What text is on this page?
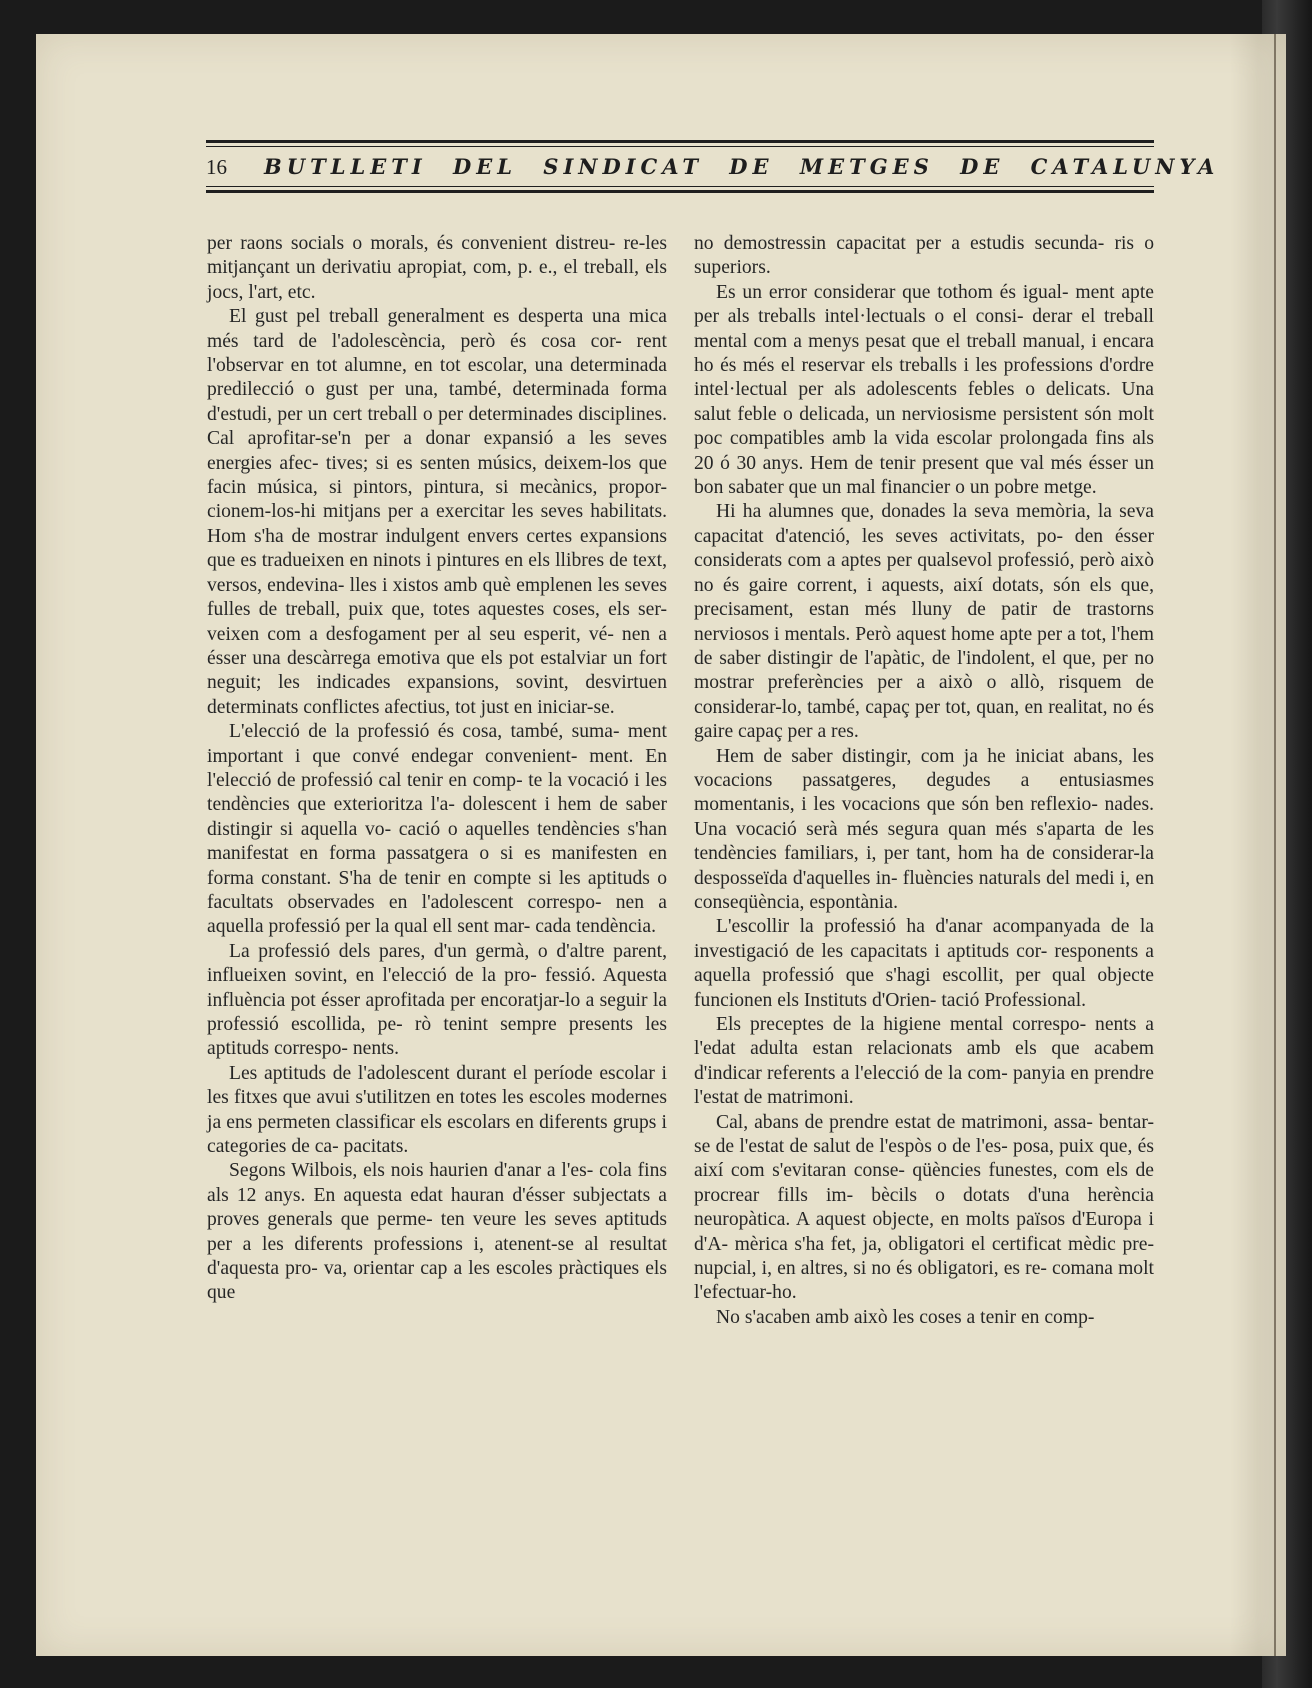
16 BUTLLETI DEL SINDICAT DE METGES DE CATALUNYA

per raons socials o morals, és convenient distreu- re-les mitjançant un derivatiu apropiat, com, p. e., el treball, els jocs, l'art, etc.

El gust pel treball generalment es desperta una mica més tard de l'adolescència, però és cosa cor- rent l'observar en tot alumne, en tot escolar, una determinada predilecció o gust per una, també, determinada forma d'estudi, per un cert treball o per determinades disciplines. Cal aprofitar-se'n per a donar expansió a les seves energies afec- tives; si es senten músics, deixem-los que facin música, si pintors, pintura, si mecànics, propor- cionem-los-hi mitjans per a exercitar les seves habilitats. Hom s'ha de mostrar indulgent envers certes expansions que es tradueixen en ninots i pintures en els llibres de text, versos, endevina- lles i xistos amb què emplenen les seves fulles de treball, puix que, totes aquestes coses, els ser- veixen com a desfogament per al seu esperit, vé- nen a ésser una descàrrega emotiva que els pot estalviar un fort neguit; les indicades expansions, sovint, desvirtuen determinats conflictes afectius, tot just en iniciar-se.

L'elecció de la professió és cosa, també, suma- ment important i que convé endegar convenient- ment. En l'elecció de professió cal tenir en comp- te la vocació i les tendències que exterioritza l'a- dolescent i hem de saber distingir si aquella vo- cació o aquelles tendències s'han manifestat en forma passatgera o si es manifesten en forma constant. S'ha de tenir en compte si les aptituds o facultats observades en l'adolescent correspo- nen a aquella professió per la qual ell sent mar- cada tendència.

La professió dels pares, d'un germà, o d'altre parent, influeixen sovint, en l'elecció de la pro- fessió. Aquesta influència pot ésser aprofitada per encoratjar-lo a seguir la professió escollida, pe- rò tenint sempre presents les aptituds correspo- nents.

Les aptituds de l'adolescent durant el període escolar i les fitxes que avui s'utilitzen en totes les escoles modernes ja ens permeten classificar els escolars en diferents grups i categories de ca- pacitats.

Segons Wilbois, els nois haurien d'anar a l'es- cola fins als 12 anys. En aquesta edat hauran d'ésser subjectats a proves generals que perme- ten veure les seves aptituds per a les diferents professions i, atenent-se al resultat d'aquesta pro- va, orientar cap a les escoles pràctiques els que

no demostressin capacitat per a estudis secunda- ris o superiors.

Es un error considerar que tothom és igual- ment apte per als treballs intel·lectuals o el consi- derar el treball mental com a menys pesat que el treball manual, i encara ho és més el reservar els treballs i les professions d'ordre intel·lectual per als adolescents febles o delicats. Una salut feble o delicada, un nerviosisme persistent són molt poc compatibles amb la vida escolar prolongada fins als 20 ó 30 anys. Hem de tenir present que val més ésser un bon sabater que un mal financier o un pobre metge.

Hi ha alumnes que, donades la seva memòria, la seva capacitat d'atenció, les seves activitats, po- den ésser considerats com a aptes per qualsevol professió, però això no és gaire corrent, i aquests, així dotats, són els que, precisament, estan més lluny de patir de trastorns nerviosos i mentals. Però aquest home apte per a tot, l'hem de saber distingir de l'apàtic, de l'indolent, el que, per no mostrar preferències per a això o allò, risquem de considerar-lo, també, capaç per tot, quan, en realitat, no és gaire capaç per a res.

Hem de saber distingir, com ja he iniciat abans, les vocacions passatgeres, degudes a entusiasmes momentanis, i les vocacions que són ben reflexio- nades. Una vocació serà més segura quan més s'aparta de les tendències familiars, i, per tant, hom ha de considerar-la desposseïda d'aquelles in- fluències naturals del medi i, en conseqüència, espontània.

L'escollir la professió ha d'anar acompanyada de la investigació de les capacitats i aptituds cor- responents a aquella professió que s'hagi escollit, per qual objecte funcionen els Instituts d'Orien- tació Professional.

Els preceptes de la higiene mental correspo- nents a l'edat adulta estan relacionats amb els que acabem d'indicar referents a l'elecció de la com- panyia en prendre l'estat de matrimoni.

Cal, abans de prendre estat de matrimoni, assa- bentar-se de l'estat de salut de l'espòs o de l'es- posa, puix que, és així com s'evitaran conse- qüències funestes, com els de procrear fills im- bècils o dotats d'una herència neuropàtica. A aquest objecte, en molts països d'Europa i d'A- mèrica s'ha fet, ja, obligatori el certificat mèdic pre-nupcial, i, en altres, si no és obligatori, es re- comana molt l'efectuar-ho.

No s'acaben amb això les coses a tenir en comp-
